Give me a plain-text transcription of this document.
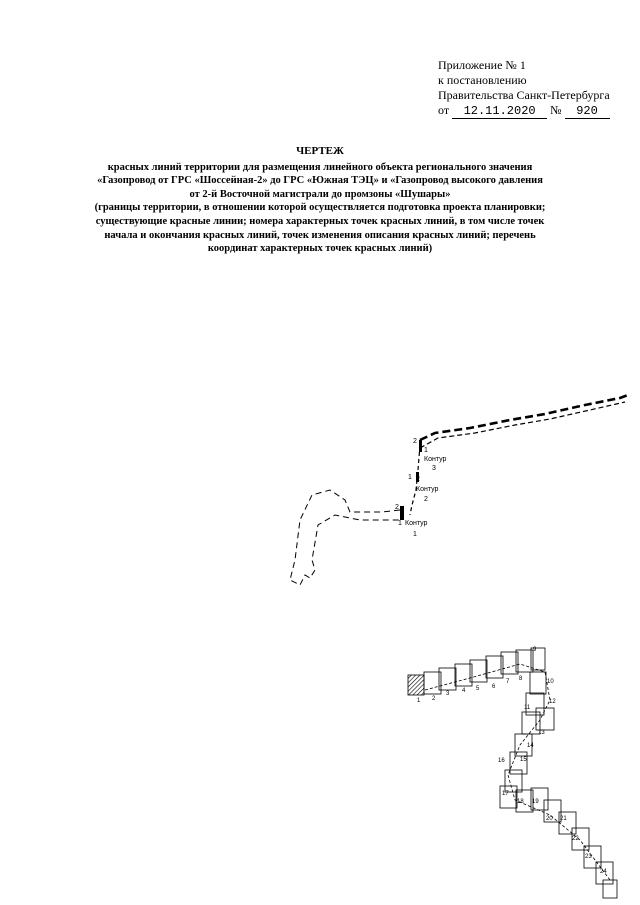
Приложение № 1
к постановлению
Правительства Санкт-Петербурга
от 12.11.2020 № 920
ЧЕРТЕЖ
красных линий территории для размещения линейного объекта регионального значения
«Газопровод от ГРС «Шоссейная-2» до ГРС «Южная ТЭЦ» и «Газопровод высокого давления
от 2-й Восточной магистрали до промзоны «Шушары»
(границы территории, в отношении которой осуществляется подготовка проекта планировки;
существующие красные линии; номера характерных точек красных линий, в том числе точек
начала и окончания красных линий, точек изменения описания красных линий; перечень
координат характерных точек красных линий)
2
1
Контур
3
1 2
Контур
2
2
1 Контур
1
1 2
3 4 5 6
7 8
9
10
11
12
13
14
15
16
17
18 19
20 21
22
23
24
